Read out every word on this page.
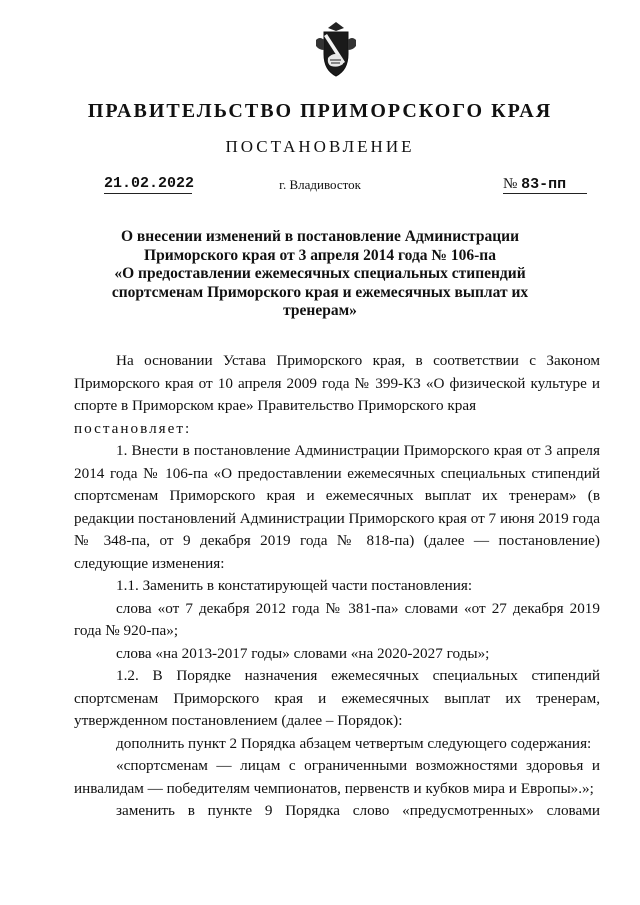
ПРАВИТЕЛЬСТВО ПРИМОРСКОГО КРАЯ
ПОСТАНОВЛЕНИЕ
21.02.2022	г. Владивосток	№ 83-пп
О внесении изменений в постановление Администрации
Приморского края от 3 апреля 2014 года № 106-па
«О предоставлении ежемесячных специальных стипендий
спортсменам Приморского края и ежемесячных выплат их
тренерам»

На основании Устава Приморского края, в соответствии с Законом Приморского края от 10 апреля 2009 года № 399-КЗ «О физической культуре и спорте в Приморском крае» Правительство Приморского края

постановляет:

1. Внести в постановление Администрации Приморского края от 3 апреля 2014 года № 106-па «О предоставлении ежемесячных специальных стипендий спортсменам Приморского края и ежемесячных выплат их тренерам» (в редакции постановлений Администрации Приморского края от 7 июня 2019 года № 348-па, от 9 декабря 2019 года № 818-па) (далее — постановление) следующие изменения:

1.1. Заменить в констатирующей части постановления:

слова «от 7 декабря 2012 года № 381-па» словами «от 27 декабря 2019 года № 920-па»;

слова «на 2013-2017 годы» словами «на 2020-2027 годы»;

1.2. В Порядке назначения ежемесячных специальных стипендий спортсменам Приморского края и ежемесячных выплат их тренерам, утвержденном постановлением (далее – Порядок):

дополнить пункт 2 Порядка абзацем четвертым следующего содержания:

«спортсменам — лицам с ограниченными возможностями здоровья и инвалидам — победителям чемпионатов, первенств и кубков мира и Европы».»;

заменить в пункте 9 Порядка слово «предусмотренных» словами
